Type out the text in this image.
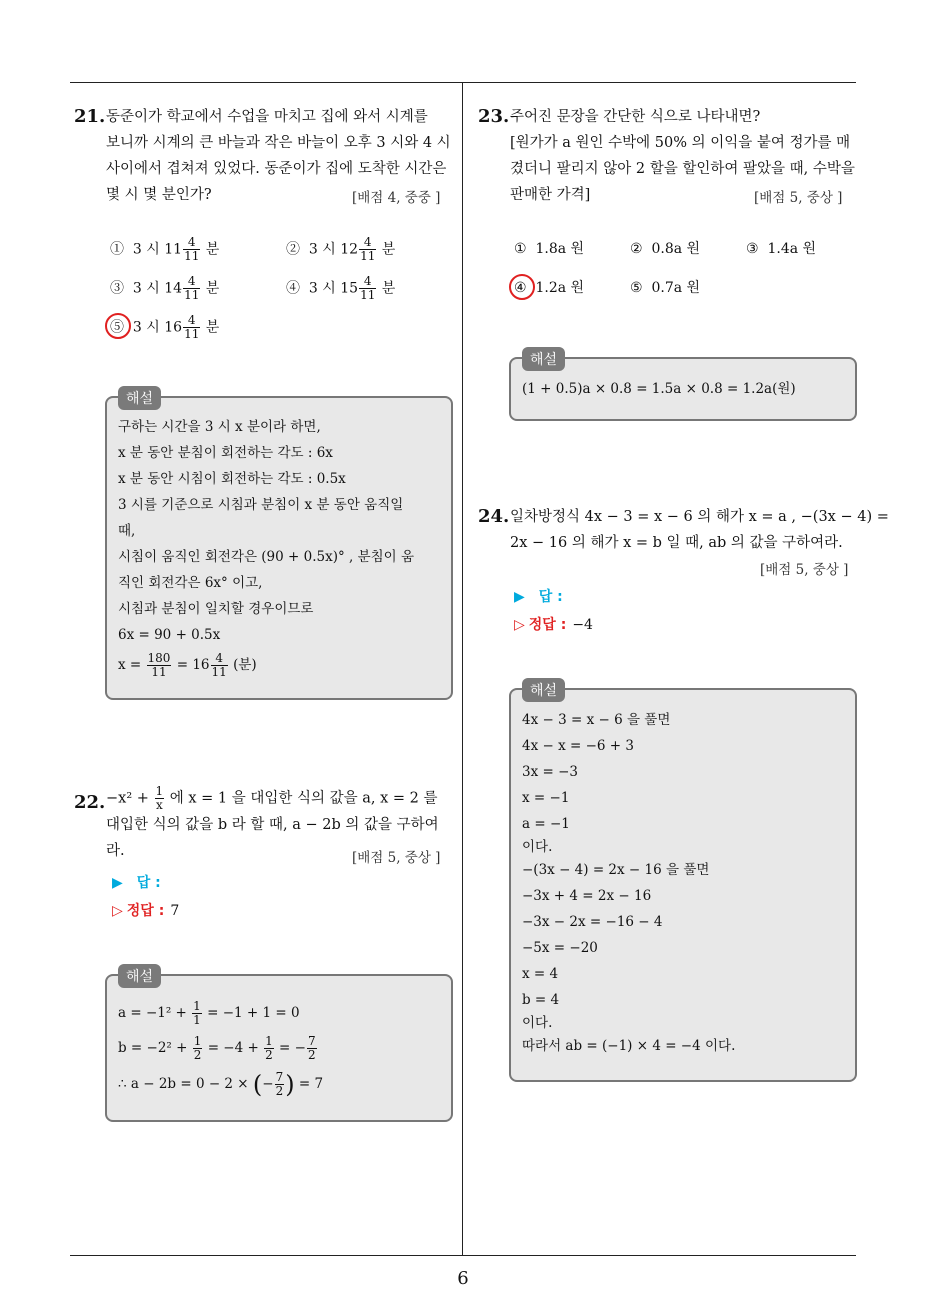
6
21. 동준이가 학교에서 수업을 마치고 집에 와서 시계를

보니까 시계의 큰 바늘과 작은 바늘이 오후 3 시와 4 시

사이에서 겹쳐져 있었다. 동준이가 집에 도착한 시간은

몇 시 몇 분인가?	[배점 4, 중중 ]
① 3 시 $11 \frac{4}{11}$ 분	② 3 시 $12 \frac{4}{11}$ 분
③ 3 시 $14 \frac{4}{11}$ 분	④ 3 시 $15 \frac{4}{11}$ 분
⑤ 3 시 $16 \frac{4}{11}$ 분
해설
구하는 시간을 3 시 x 분이라 하면,
x 분 동안 분침이 회전하는 각도 : 6x
x 분 동안 시침이 회전하는 각도 : 0.5x
3 시를 기준으로 시침과 분침이 x 분 동안 움직일
때,
시침이 움직인 회전각은 (90 + 0.5x)° , 분침이 움
직인 회전각은 6x° 이고,
시침과 분침이 일치할 경우이므로
6x = 90 + 0.5x
$x = \frac{180}{11} = 16 \frac{4}{11}$ (분)
22. $-x^2 + \frac{1}{x}$ 에 x = 1 을 대입한 식의 값을 a, x = 2 를

대입한 식의 값을 b 라 할 때, a − 2b 의 값을 구하여라.	[배점 5, 중상 ]
▶ 답 :
▷ 정답 : 7
해설
$a = -1^2 + \frac{1}{1} = -1 + 1 = 0$
$b = -2^2 + \frac{1}{2} = -4 + \frac{1}{2}$ = − $\frac{7}{2}$
∴ a − 2b = 0 − 2 × (− $\frac{7}{2}$ ) = 7
23. 주어진 문장을 간단한 식으로 나타내면?

[원가가 a 원인 수박에 50% 의 이익을 붙여 정가를 매

겼더니 팔리지 않아 2 할을 할인하여 팔았을 때, 수박을

판매한 가격]	[배점 5, 중상 ]
① 1.8a 원	② 0.8a 원	③ 1.4a 원
④ 1.2a 원	⑤ 0.7a 원
해설
(1 + 0.5)a × 0.8 = 1.5a × 0.8 = 1.2a(원)
24. 일차방정식 4x − 3 = x − 6 의 해가 x = a , −(3x − 4) =

2x − 16 의 해가 x = b 일 때, ab 의 값을 구하여라.

[배점 5, 중상 ]
▶ 답 :
▷ 정답 : −4
해설
4x − 3 = x − 6 을 풀면
4x − x = −6 + 3
3x = −3
x = −1
a = −1
이다.
−(3x − 4) = 2x − 16 을 풀면
−3x + 4 = 2x − 16
−3x − 2x = −16 − 4
−5x = −20
x = 4
b = 4
이다.
따라서 ab = (−1) × 4 = −4 이다.
